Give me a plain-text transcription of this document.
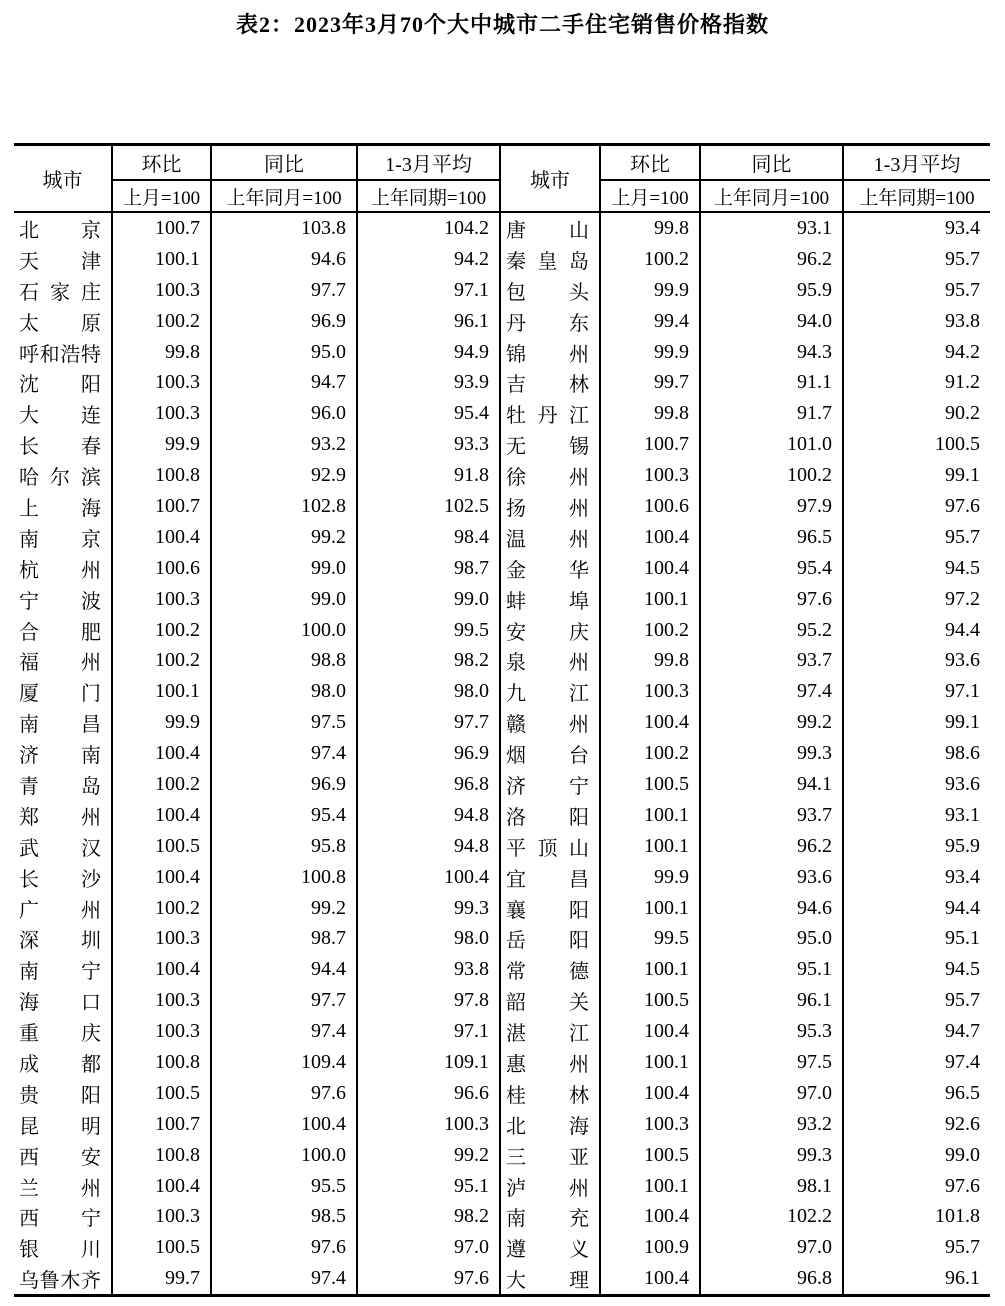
表2：2023年3月70个大中城市二手住宅销售价格指数
城市	环比	同比	1-3月平均	城市	环比	同比	1-3月平均
	上月=100	上年同月=100	上年同期=100		上月=100	上年同月=100	上年同期=100

北 京	100.7	103.8	104.2	唐 山	99.8	93.1	93.4

天 津	100.1	94.6	94.2	秦 皇 岛	100.2	96.2	95.7

石 家 庄	100.3	97.7	97.1	包 头	99.9	95.9	95.7

太 原	100.2	96.9	96.1	丹 东	99.4	94.0	93.8

呼 和 浩 特	99.8	95.0	94.9	锦 州	99.9	94.3	94.2

沈 阳	100.3	94.7	93.9	吉 林	99.7	91.1	91.2

大 连	100.3	96.0	95.4	牡 丹 江	99.8	91.7	90.2

长 春	99.9	93.2	93.3	无 锡	100.7	101.0	100.5

哈 尔 滨	100.8	92.9	91.8	徐 州	100.3	100.2	99.1

上 海	100.7	102.8	102.5	扬 州	100.6	97.9	97.6

南 京	100.4	99.2	98.4	温 州	100.4	96.5	95.7

杭 州	100.6	99.0	98.7	金 华	100.4	95.4	94.5

宁 波	100.3	99.0	99.0	蚌 埠	100.1	97.6	97.2

合 肥	100.2	100.0	99.5	安 庆	100.2	95.2	94.4

福 州	100.2	98.8	98.2	泉 州	99.8	93.7	93.6

厦 门	100.1	98.0	98.0	九 江	100.3	97.4	97.1

南 昌	99.9	97.5	97.7	赣 州	100.4	99.2	99.1

济 南	100.4	97.4	96.9	烟 台	100.2	99.3	98.6

青 岛	100.2	96.9	96.8	济 宁	100.5	94.1	93.6

郑 州	100.4	95.4	94.8	洛 阳	100.1	93.7	93.1

武 汉	100.5	95.8	94.8	平 顶 山	100.1	96.2	95.9

长 沙	100.4	100.8	100.4	宜 昌	99.9	93.6	93.4

广 州	100.2	99.2	99.3	襄 阳	100.1	94.6	94.4

深 圳	100.3	98.7	98.0	岳 阳	99.5	95.0	95.1

南 宁	100.4	94.4	93.8	常 德	100.1	95.1	94.5

海 口	100.3	97.7	97.8	韶 关	100.5	96.1	95.7

重 庆	100.3	97.4	97.1	湛 江	100.4	95.3	94.7

成 都	100.8	109.4	109.1	惠 州	100.1	97.5	97.4

贵 阳	100.5	97.6	96.6	桂 林	100.4	97.0	96.5

昆 明	100.7	100.4	100.3	北 海	100.3	93.2	92.6

西 安	100.8	100.0	99.2	三 亚	100.5	99.3	99.0

兰 州	100.4	95.5	95.1	泸 州	100.1	98.1	97.6

西 宁	100.3	98.5	98.2	南 充	100.4	102.2	101.8

银 川	100.5	97.6	97.0	遵 义	100.9	97.0	95.7

乌 鲁 木 齐	99.7	97.4	97.6	大 理	100.4	96.8	96.1
